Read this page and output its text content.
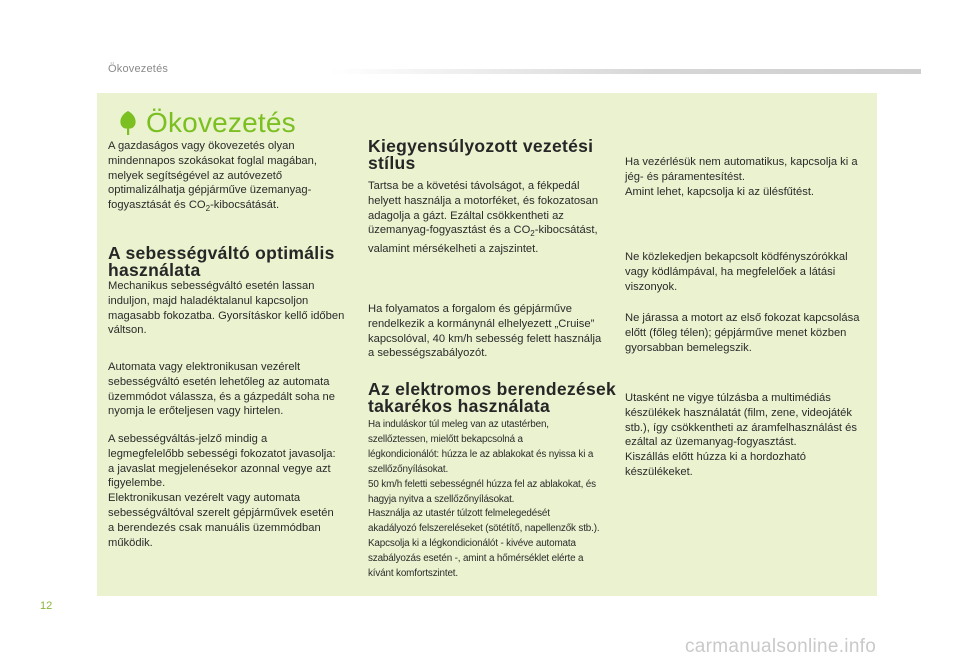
Ökovezetés
Ökovezetés

A gazdaságos vagy ökovezetés olyan

mindennapos szokásokat foglal magában,

melyek segítségével az autóvezető

optimalizálhatja gépjárműve üzemanyag-

fogyasztását és $CO_2$-kibocsátását.

A sebességváltó optimális
használata

Mechanikus sebességváltó esetén lassan

induljon, majd haladéktalanul kapcsoljon

magasabb fokozatba. Gyorsításkor kellő időben

váltson.

Automata vagy elektronikusan vezérelt

sebességváltó esetén lehetőleg az automata

üzemmódot válassza, és a gázpedált soha ne

nyomja le erőteljesen vagy hirtelen.

A sebességváltás-jelző mindig a

legmegfelelőbb sebességi fokozatot javasolja:

a javaslat megjelenésekor azonnal vegye azt

figyelembe.

Elektronikusan vezérelt vagy automata

sebességváltóval szerelt gépjárművek esetén

a berendezés csak manuális üzemmódban

működik.

Kiegyensúlyozott vezetési
stílus

Tartsa be a követési távolságot, a fékpedál

helyett használja a motorféket, és fokozatosan

adagolja a gázt. Ezáltal csökkentheti az

üzemanyag-fogyasztást és a $CO_2$-kibocsátást,

valamint mérsékelheti a zajszintet.

Ha folyamatos a forgalom és gépjárműve

rendelkezik a kormánynál elhelyezett „Cruise”

kapcsolóval, 40 km/h sebesség felett használja

a sebességszabályozót.

Az elektromos berendezések
takarékos használata

Ha induláskor túl meleg van az utastérben,

szellőztessen, mielőtt bekapcsolná a

légkondicionálót: húzza le az ablakokat és nyissa ki a

szellőzőnyílásokat.

50 km/h feletti sebességnél húzza fel az ablakokat, és

hagyja nyitva a szellőzőnyílásokat.

Használja az utastér túlzott felmelegedését

akadályozó felszereléseket (sötétítő, napellenzők stb.).

Kapcsolja ki a légkondicionálót - kivéve automata

szabályozás esetén -, amint a hőmérséklet elérte a

kívánt komfortszintet.

Ha vezérlésük nem automatikus, kapcsolja ki a

jég- és páramentesítést.

Amint lehet, kapcsolja ki az ülésfűtést.

Ne közlekedjen bekapcsolt ködfényszórókkal

vagy ködlámpával, ha megfelelőek a látási

viszonyok.

Ne járassa a motort az első fokozat kapcsolása

előtt (főleg télen); gépjárműve menet közben

gyorsabban bemelegszik.

Utasként ne vigye túlzásba a multimédiás

készülékek használatát (film, zene, videojáték

stb.), így csökkentheti az áramfelhasználást és

ezáltal az üzemanyag-fogyasztást.

Kiszállás előtt húzza ki a hordozható

készülékeket.

12
carmanualsonline.info
